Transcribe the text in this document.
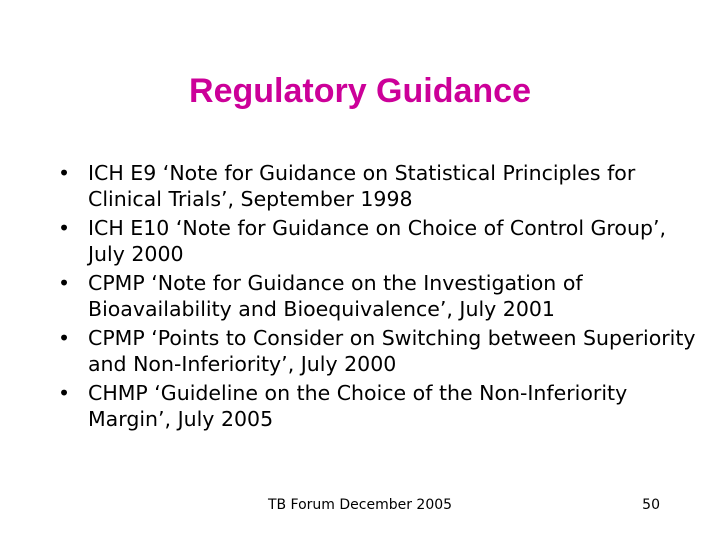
Regulatory Guidance
• ICH E9 ‘Note for Guidance on Statistical Principles for Clinical Trials’, September 1998
• ICH E10 ‘Note for Guidance on Choice of Control Group’, July 2000
• CPMP ‘Note for Guidance on the Investigation of Bioavailability and Bioequivalence’, July 2001
• CPMP ‘Points to Consider on Switching between Superiority and Non-Inferiority’, July 2000
• CHMP ‘Guideline on the Choice of the Non-Inferiority Margin’, July 2005
TB Forum December 2005	50
